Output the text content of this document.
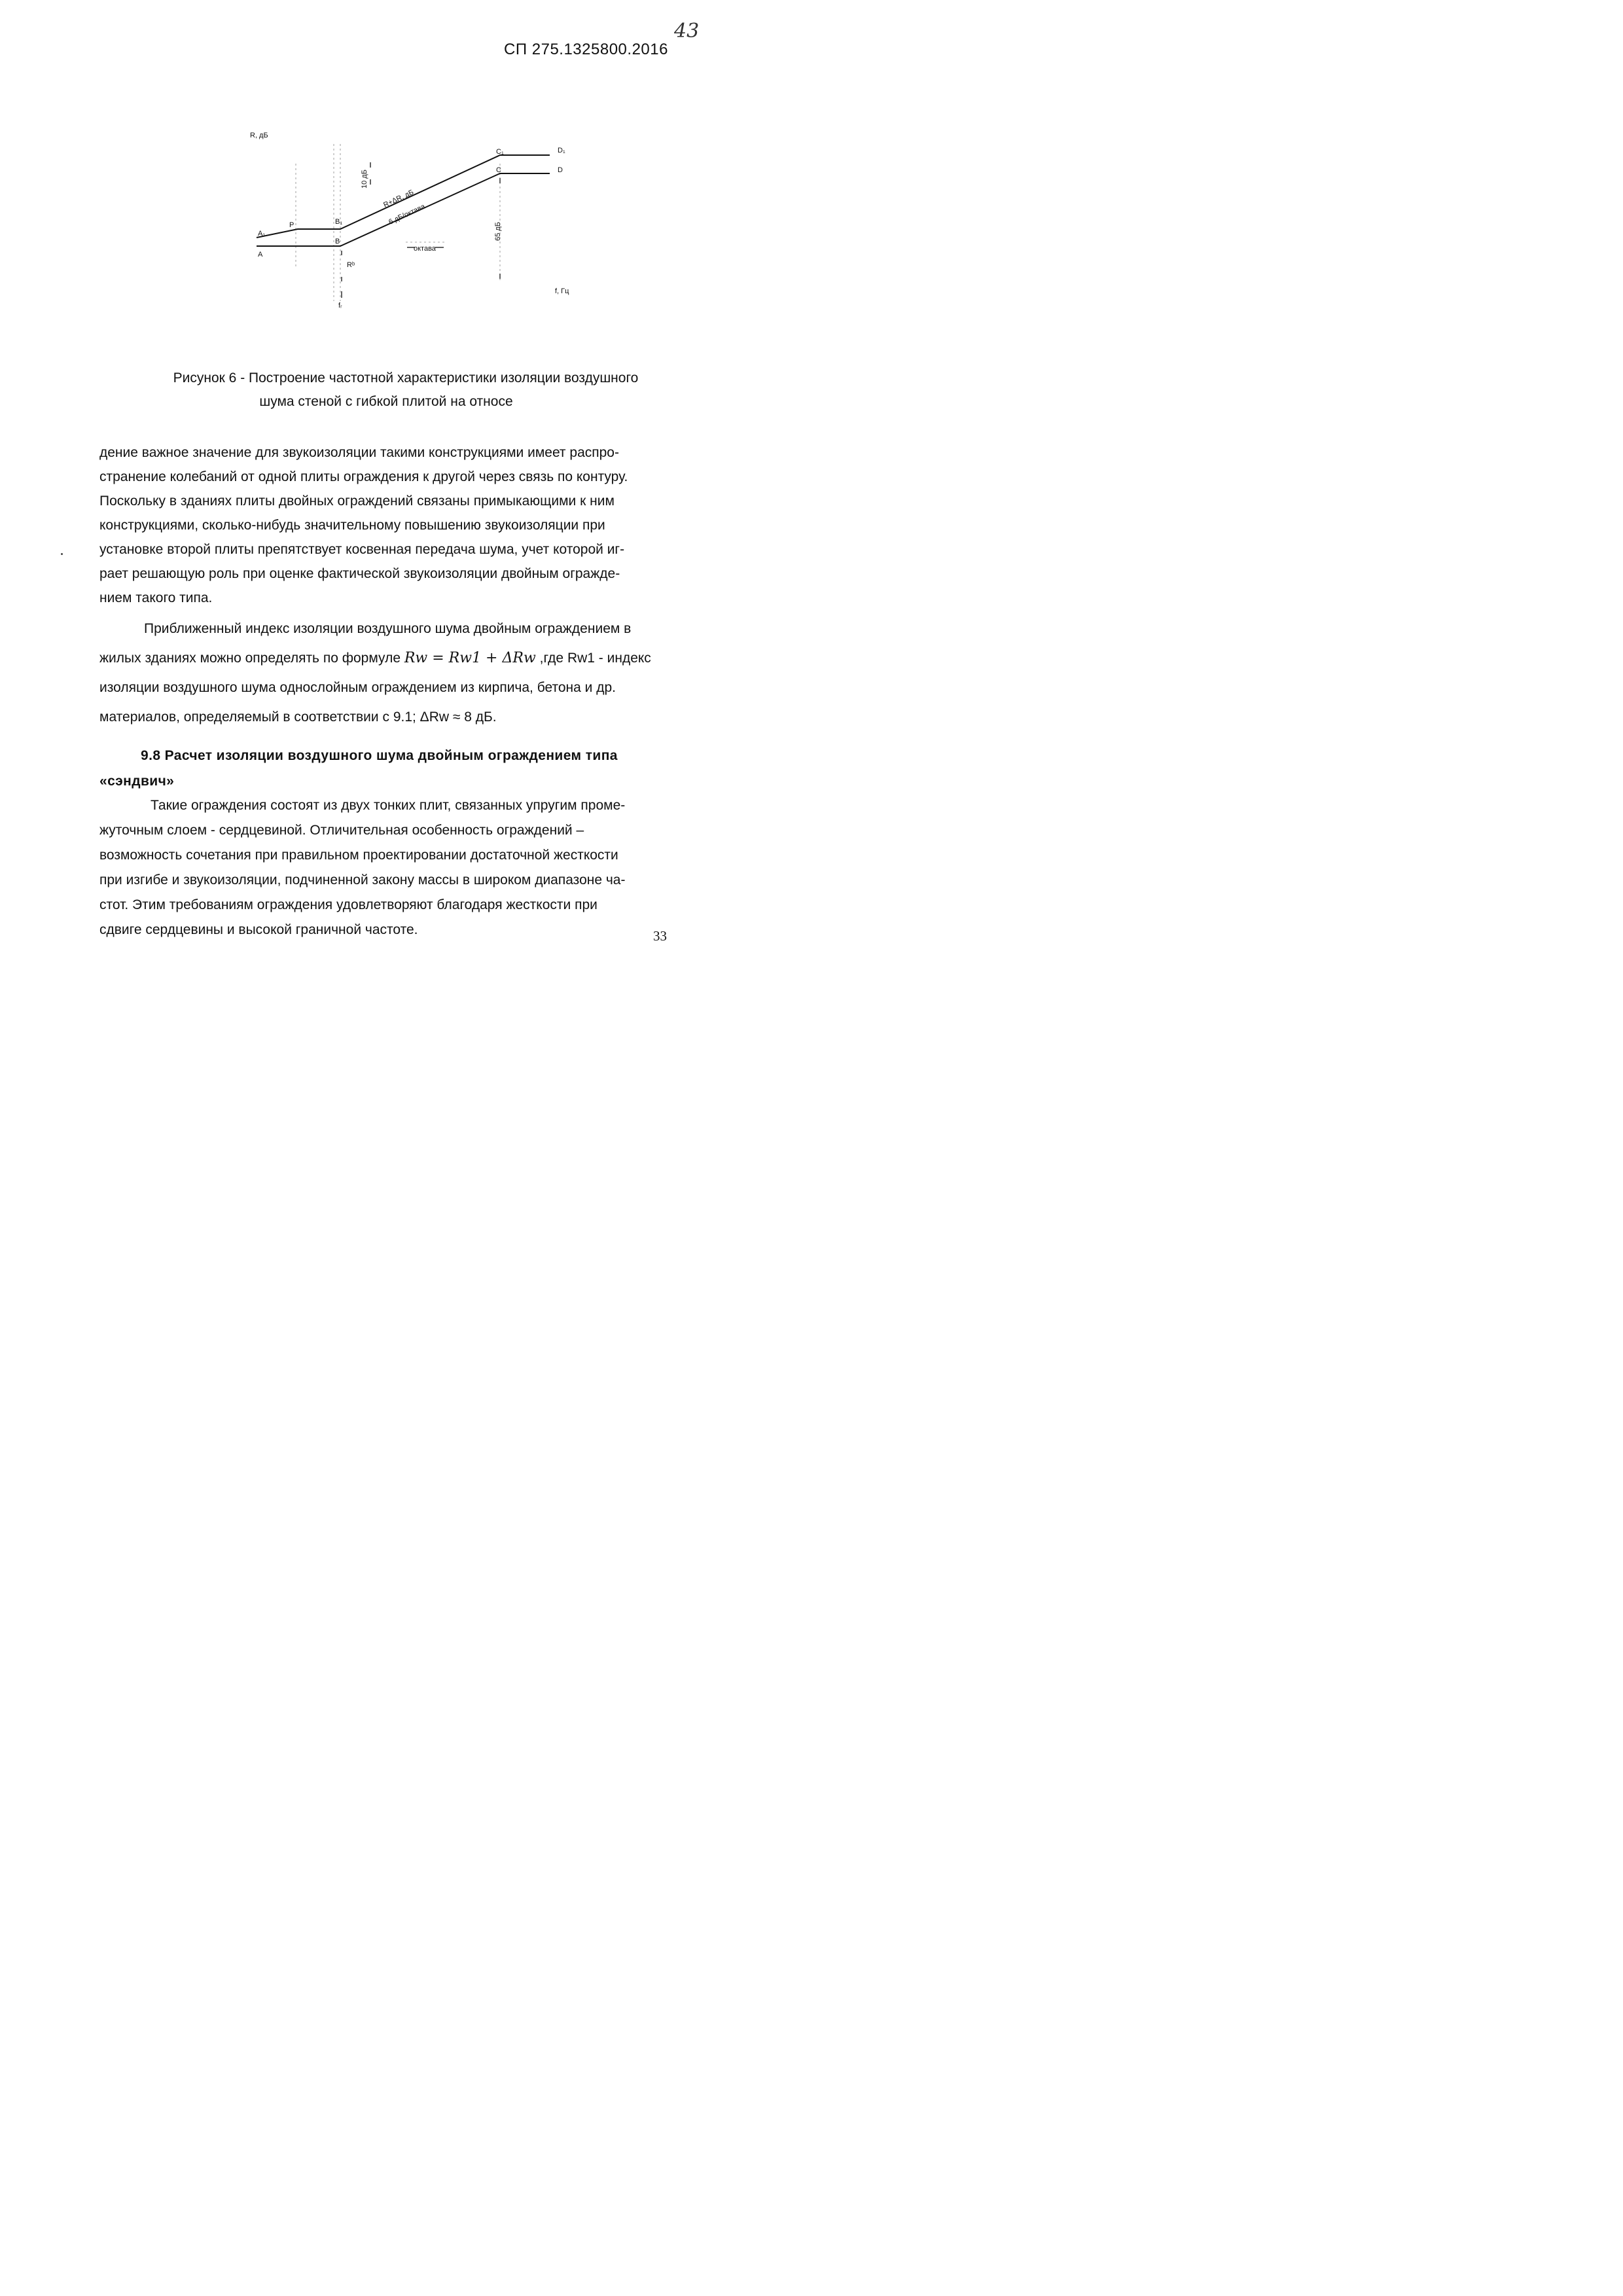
43
СП 275.1325800.2016
R, дБ
f, Гц
A₁
A
P	B₁
B
C₁
C
D₁
D
Rᵇ
fᵣ
10 дБ
R+ΔR, дБ
6 дБ/октава
октава
65 дБ
Рисунок 6 - Построение частотной характеристики изоляции воздушного
шума стеной с гибкой плитой на относе
дение важное значение для звукоизоляции такими конструкциями имеет распро-
странение колебаний от одной плиты ограждения к другой через связь по контуру.
Поскольку в зданиях плиты двойных ограждений связаны примыкающими к ним
конструкциями, сколько-нибудь значительному повышению звукоизоляции при
установке второй плиты препятствует косвенная передача шума, учет которой иг-
рает решающую роль при оценке фактической звукоизоляции двойным огражде-
нием такого типа.
Приближенный индекс изоляции воздушного шума двойным ограждением в
жилых зданиях можно определять по формуле Rw = Rw1 + ΔRw ,где Rw1 - индекс
изоляции воздушного шума однослойным ограждением из кирпича, бетона и др.
материалов, определяемый в соответствии с 9.1; ΔRw ≈ 8 дБ.
9.8 Расчет изоляции воздушного шума двойным ограждением типа
«сэндвич»
Такие ограждения состоят из двух тонких плит, связанных упругим проме-
жуточным слоем - сердцевиной. Отличительная особенность ограждений –
возможность сочетания при правильном проектировании достаточной жесткости
при изгибе и звукоизоляции, подчиненной закону массы в широком диапазоне ча-
стот. Этим требованиям ограждения удовлетворяют благодаря жесткости при
сдвиге сердцевины и высокой граничной частоте.	33
